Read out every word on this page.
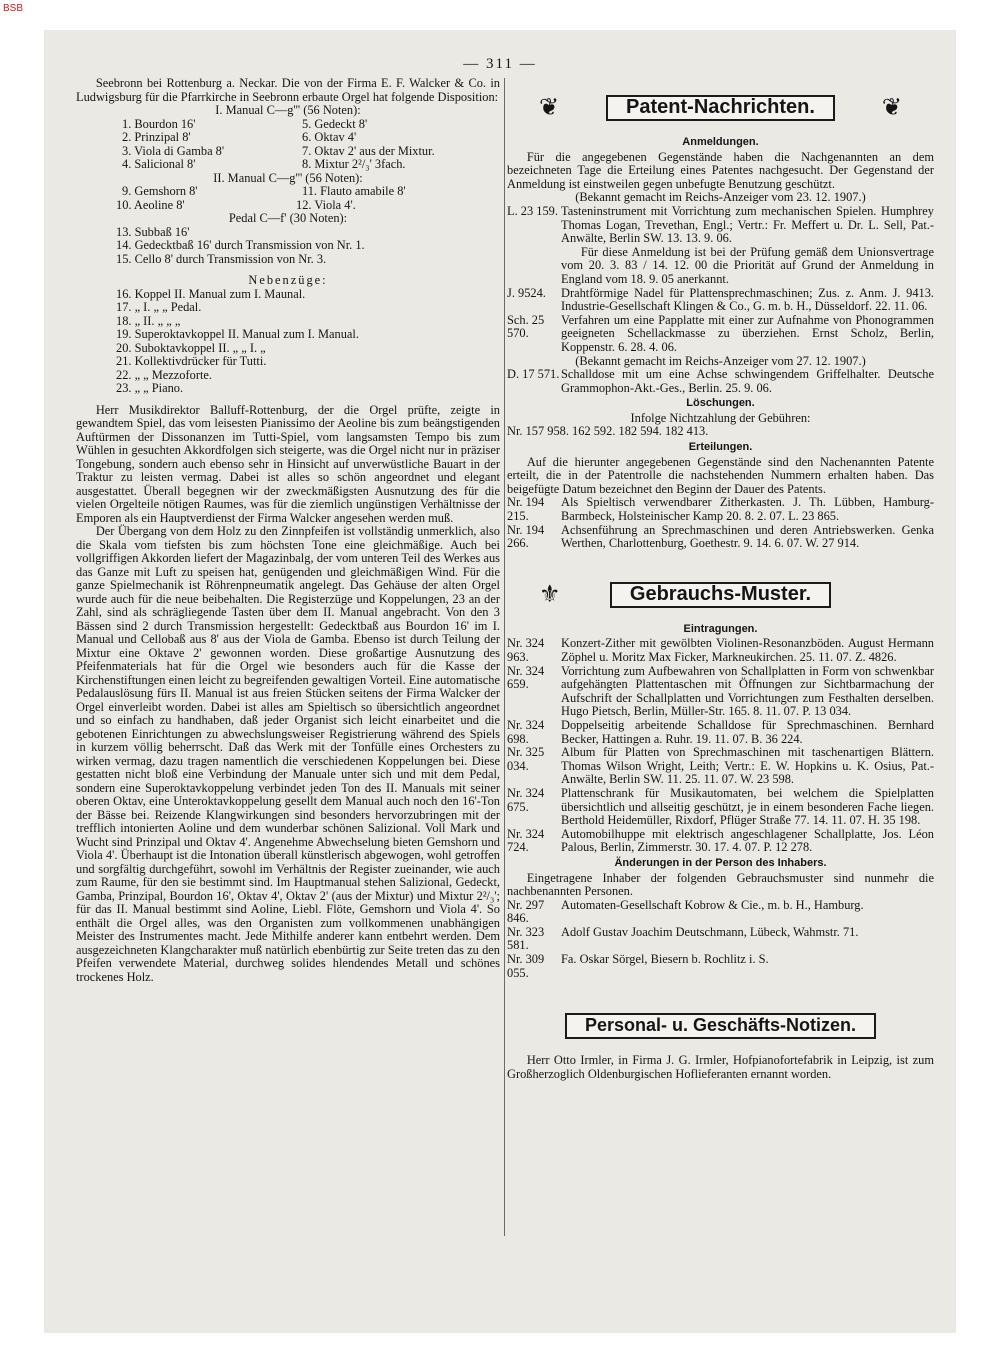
BSB
— 311 —

Seebronn bei Rottenburg a. Neckar. Die von der Firma E. F. Walcker & Co. in Ludwigsburg für die Pfarrkirche in Seebronn erbaute Orgel hat folgende Disposition:

I. Manual C—g''' (56 Noten):

1. Bourdon 16'	5. Gedeckt 8'
2. Prinzipal 8'	6. Oktav 4'
3. Viola di Gamba 8'	7. Oktav 2' aus der Mixtur.
4. Salicional 8'	8. Mixtur 2²/₃' 3fach.

II. Manual C—g''' (56 Noten):

9. Gemshorn 8'	11. Flauto amabile 8'
10. Aeoline 8'	12. Viola 4'.

Pedal C—f' (30 Noten):

13. Subbaß 16'

14. Gedecktbaß 16' durch Transmission von Nr. 1.

15. Cello 8' durch Transmission von Nr. 3.

Nebenzüge:

16. Koppel II. Manual zum I. Maunal.

17. „ I. „ „ Pedal.

18. „ II. „ „ „

19. Superoktavkoppel II. Manual zum I. Manual.

20. Suboktavkoppel II. „ „ I. „

21. Kollektivdrücker für Tutti.

22. „ „ Mezzoforte.

23. „ „ Piano.

Herr Musikdirektor Balluff-Rottenburg, der die Orgel prüfte, zeigte in gewandtem Spiel, das vom leisesten Pianissimo der Aeoline bis zum beängstigenden Auftürmen der Dissonanzen im Tutti-Spiel, vom langsamsten Tempo bis zum Wühlen in gesuchten Akkordfolgen sich steigerte, was die Orgel nicht nur in präziser Tongebung, sondern auch ebenso sehr in Hinsicht auf unverwüstliche Bauart in der Traktur zu leisten vermag. Dabei ist alles so schön angeordnet und elegant ausgestattet. Überall begegnen wir der zweckmäßigsten Ausnutzung des für die vielen Orgelteile nötigen Raumes, was für die ziemlich ungünstigen Verhältnisse der Emporen als ein Hauptverdienst der Firma Walcker angesehen werden muß.

Der Übergang von dem Holz zu den Zinnpfeifen ist vollständig unmerklich, also die Skala vom tiefsten bis zum höchsten Tone eine gleichmäßige. Auch bei vollgriffigen Akkorden liefert der Magazinbalg, der vom unteren Teil des Werkes aus das Ganze mit Luft zu speisen hat, genügenden und gleichmäßigen Wind. Für die ganze Spielmechanik ist Röhrenpneumatik angelegt. Das Gehäuse der alten Orgel wurde auch für die neue beibehalten. Die Registerzüge und Koppelungen, 23 an der Zahl, sind als schrägliegende Tasten über dem II. Manual angebracht. Von den 3 Bässen sind 2 durch Transmission hergestellt: Gedecktbaß aus Bourdon 16' im I. Manual und Cellobaß aus 8' aus der Viola de Gamba. Ebenso ist durch Teilung der Mixtur eine Oktave 2' gewonnen worden. Diese großartige Ausnutzung des Pfeifenmaterials hat für die Orgel wie besonders auch für die Kasse der Kirchenstiftungen einen leicht zu begreifenden gewaltigen Vorteil. Eine automatische Pedalauslösung fürs II. Manual ist aus freien Stücken seitens der Firma Walcker der Orgel einverleibt worden. Dabei ist alles am Spieltisch so übersichtlich angeordnet und so einfach zu handhaben, daß jeder Organist sich leicht einarbeitet und die gebotenen Einrichtungen zu abwechslungsweiser Registrierung während des Spiels in kurzem völlig beherrscht. Daß das Werk mit der Tonfülle eines Orchesters zu wirken vermag, dazu tragen namentlich die verschiedenen Koppelungen bei. Diese gestatten nicht bloß eine Verbindung der Manuale unter sich und mit dem Pedal, sondern eine Superoktavkoppelung verbindet jeden Ton des II. Manuals mit seiner oberen Oktav, eine Unteroktavkoppelung gesellt dem Manual auch noch den 16'-Ton der Bässe bei. Reizende Klangwirkungen sind besonders hervorzubringen mit der trefflich intonierten Aoline und dem wunderbar schönen Salizional. Voll Mark und Wucht sind Prinzipal und Oktav 4'. Angenehme Abwechselung bieten Gemshorn und Viola 4'. Überhaupt ist die Intonation überall künstlerisch abgewogen, wohl getroffen und sorgfältig durchgeführt, sowohl im Verhältnis der Register zueinander, wie auch zum Raume, für den sie bestimmt sind. Im Hauptmanual stehen Salizional, Gedeckt, Gamba, Prinzipal, Bourdon 16', Oktav 4', Oktav 2' (aus der Mixtur) und Mixtur 2²/₃'; für das II. Manual bestimmt sind Aoline, Liebl. Flöte, Gemshorn und Viola 4'. So enthält die Orgel alles, was den Organisten zum vollkommenen unabhängigen Meister des Instrumentes macht. Jede Mithilfe anderer kann entbehrt werden. Dem ausgezeichneten Klangcharakter muß natürlich ebenbürtig zur Seite treten das zu den Pfeifen verwendete Material, durchweg solides hlendendes Metall und schönes trockenes Holz.

❦	Patent-Nachrichten.	❦

Anmeldungen.

Für die angegebenen Gegenstände haben die Nachgenannten an dem bezeichneten Tage die Erteilung eines Patentes nachgesucht. Der Gegenstand der Anmeldung ist einstweilen gegen unbefugte Benutzung geschützt.

(Bekannt gemacht im Reichs-Anzeiger vom 23. 12. 1907.)

L. 23 159. Tasteninstrument mit Vorrichtung zum mechanischen Spielen. Humphrey Thomas Logan, Trevethan, Engl.; Vertr.: Fr. Meffert u. Dr. L. Sell, Pat.-Anwälte, Berlin SW. 13. 13. 9. 06.

Für diese Anmeldung ist bei der Prüfung gemäß dem Unionsvertrage vom 20. 3. 83 / 14. 12. 00 die Priorität auf Grund der Anmeldung in England vom 18. 9. 05 anerkannt.

J. 9524.	Drahtförmige Nadel für Plattensprechmaschinen; Zus. z. Anm. J. 9413. Industrie-Gesellschaft Klingen & Co., G. m. b. H., Düsseldorf. 22. 11. 06.
Sch. 25 570.
Verfahren um eine Papplatte mit einer zur Aufnahme von Phonogrammen geeigneten Schellackmasse zu überziehen. Ernst Scholz, Berlin, Koppenstr. 6. 28. 4. 06.

(Bekannt gemacht im Reichs-Anzeiger vom 27. 12. 1907.)

D. 17 571. Schalldose mit um eine Achse schwingendem Griffelhalter. Deutsche Grammophon-Akt.-Ges., Berlin. 25. 9. 06.

Löschungen.

Infolge Nichtzahlung der Gebühren:

Nr. 157 958. 162 592. 182 594. 182 413.

Erteilungen.

Auf die hierunter angegebenen Gegenstände sind den Nachenannten Patente erteilt, die in der Patentrolle die nachstehenden Nummern erhalten haben. Das beigefügte Datum bezeichnet den Beginn der Dauer des Patents.

Nr. 194 215.
Als Spieltisch verwendbarer Zitherkasten. J. Th. Lübben, Hamburg-Barmbeck, Holsteinischer Kamp 20. 8. 2. 07. L. 23 865.
Nr. 194 266.
Achsenführung an Sprechmaschinen und deren Antriebswerken. Genka Werthen, Charlottenburg, Goethestr. 9. 14. 6. 07. W. 27 914.
⚜	Gebrauchs-Muster.

Eintragungen.

Nr. 324 963.
Konzert-Zither mit gewölbten Violinen-Resonanzböden. August Hermann Zöphel u. Moritz Max Ficker, Markneukirchen. 25. 11. 07. Z. 4826.
Nr. 324 659.
Vorrichtung zum Aufbewahren von Schallplatten in Form von schwenkbar aufgehängten Plattentaschen mit Öffnungen zur Sichtbarmachung der Aufschrift der Schallplatten und Vorrichtungen zum Festhalten derselben. Hugo Pietsch, Berlin, Müller-Str. 165. 8. 11. 07. P. 13 034.
Nr. 324 698.
Doppelseitig arbeitende Schalldose für Sprechmaschinen. Bernhard Becker, Hattingen a. Ruhr. 19. 11. 07. B. 36 224.
Nr. 325 034.
Album für Platten von Sprechmaschinen mit taschenartigen Blättern. Thomas Wilson Wright, Leith; Vertr.: E. W. Hopkins u. K. Osius, Pat.-Anwälte, Berlin SW. 11. 25. 11. 07. W. 23 598.
Nr. 324 675.
Plattenschrank für Musikautomaten, bei welchem die Spielplatten übersichtlich und allseitig geschützt, je in einem besonderen Fache liegen. Berthold Heidemüller, Rixdorf, Pflüger Straße 77. 14. 11. 07. H. 35 198.
Nr. 324 724.
Automobilhuppe mit elektrisch angeschlagener Schallplatte, Jos. Léon Palous, Berlin, Zimmerstr. 30. 17. 4. 07. P. 12 278.

Änderungen in der Person des Inhabers.

Eingetragene Inhaber der folgenden Gebrauchsmuster sind nunmehr die nachbenannten Personen.

Nr. 297 846.
Automaten-Gesellschaft Kobrow & Cie., m. b. H., Hamburg.
Nr. 323 581.
Adolf Gustav Joachim Deutschmann, Lübeck, Wahmstr. 71.
Nr. 309 055.
Fa. Oskar Sörgel, Biesern b. Rochlitz i. S.
Personal- u. Geschäfts-Notizen.

Herr Otto Irmler, in Firma J. G. Irmler, Hofpianofortefabrik in Leipzig, ist zum Großherzoglich Oldenburgischen Hoflieferanten ernannt worden.
